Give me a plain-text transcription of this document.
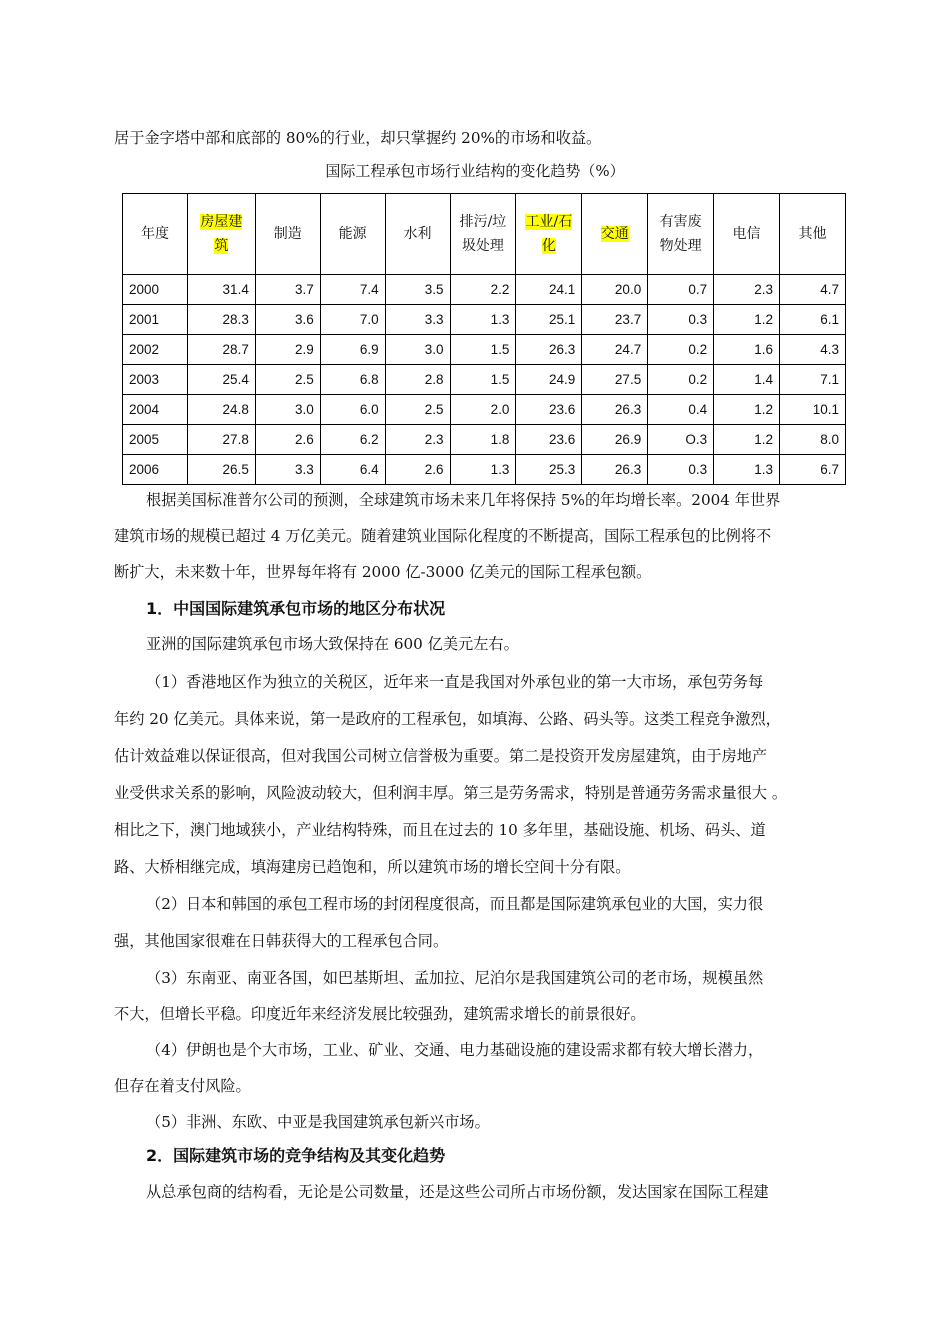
居于金字塔中部和底部的 80%的行业，却只掌握约 20%的市场和收益。
国际工程承包市场行业结构的变化趋势（%）
年度	房屋建筑	制造	能源	水利	排污/垃圾处理	工业/石化	交通	有害废物处理	电信	其他
2000	31.4	3.7	7.4	3.5	2.2	24.1	20.0	0.7	2.3	4.7
2001	28.3	3.6	7.0	3.3	1.3	25.1	23.7	0.3	1.2	6.1
2002	28.7	2.9	6.9	3.0	1.5	26.3	24.7	0.2	1.6	4.3
2003	25.4	2.5	6.8	2.8	1.5	24.9	27.5	0.2	1.4	7.1
2004	24.8	3.0	6.0	2.5	2.0	23.6	26.3	0.4	1.2	10.1
2005	27.8	2.6	6.2	2.3	1.8	23.6	26.9	O.3	1.2	8.0
2006	26.5	3.3	6.4	2.6	1.3	25.3	26.3	0.3	1.3	6.7
根据美国标准普尔公司的预测，全球建筑市场未来几年将保持 5%的年均增长率。2004 年世界
建筑市场的规模已超过 4 万亿美元。随着建筑业国际化程度的不断提高，国际工程承包的比例将不
断扩大，未来数十年，世界每年将有 2000 亿-3000 亿美元的国际工程承包额。
1．中国国际建筑承包市场的地区分布状况
亚洲的国际建筑承包市场大致保持在 600 亿美元左右。
（1）香港地区作为独立的关税区，近年来一直是我国对外承包业的第一大市场，承包劳务每
年约 20 亿美元。具体来说，第一是政府的工程承包，如填海、公路、码头等。这类工程竞争激烈，
估计效益难以保证很高，但对我国公司树立信誉极为重要。第二是投资开发房屋建筑，由于房地产
业受供求关系的影响，风险波动较大，但利润丰厚。第三是劳务需求，特别是普通劳务需求量很大 。
相比之下，澳门地域狭小，产业结构特殊，而且在过去的 10 多年里，基础设施、机场、码头、道
路、大桥相继完成，填海建房已趋饱和，所以建筑市场的增长空间十分有限。
（2）日本和韩国的承包工程市场的封闭程度很高，而且都是国际建筑承包业的大国，实力很
强，其他国家很难在日韩获得大的工程承包合同。
（3）东南亚、南亚各国，如巴基斯坦、孟加拉、尼泊尔是我国建筑公司的老市场，规模虽然
不大，但增长平稳。印度近年来经济发展比较强劲，建筑需求增长的前景很好。
（4）伊朗也是个大市场，工业、矿业、交通、电力基础设施的建设需求都有较大增长潜力，
但存在着支付风险。
（5）非洲、东欧、中亚是我国建筑承包新兴市场。
2．国际建筑市场的竞争结构及其变化趋势
从总承包商的结构看，无论是公司数量，还是这些公司所占市场份额，发达国家在国际工程建
